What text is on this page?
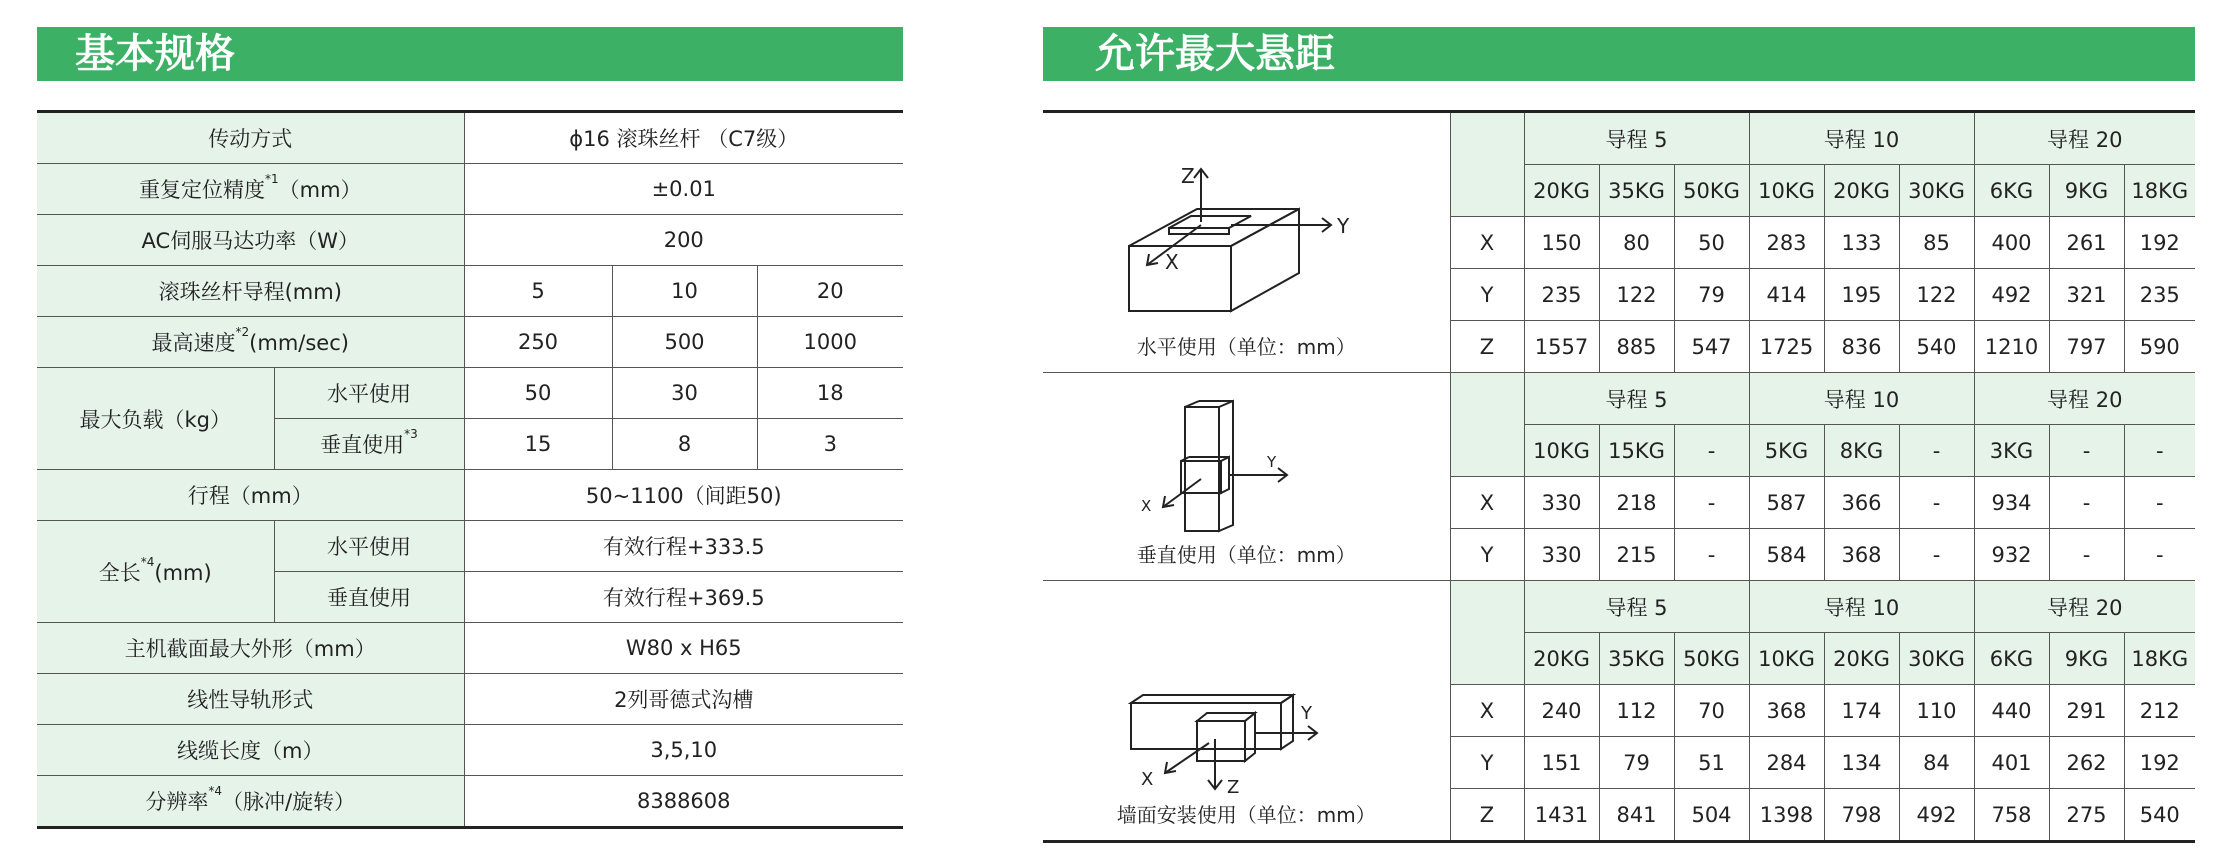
基本规格	允许最大悬距
传动方式		ϕ16 滚珠丝杆 （C7级）		
重复定位精度$^{*1}$（mm）		±0.01		
AC伺服马达功率（W）		200		
滚珠丝杆导程(mm)		5	10	20
最高速度$^{*2}$(mm/sec)		250	500	1000
最大负载（kg）	水平使用	50	30	18
	垂直使用$^{*3}$	15	8	3
行程（mm）		50~1100（间距50)		
全长$^{*4}$(mm)	水平使用	有效行程+333.5		
	垂直使用	有效行程+369.5		
主机截面最大外形（mm）		W80 x H65		
线性导轨形式		2列哥德式沟槽		
线缆长度（m）		3,5,10		
分辨率$^{*4}$（脉冲/旋转）		8388608		
Z
Y
X
水平使用（单位：mm）		导程 5			导程 10			导程 20		
		20KG	35KG	50KG	10KG	20KG	30KG	6KG	9KG	18KG
	X	150	80	50	283	133	85	400	261	192
	Y	235	122	79	414	195	122	492	321	235
	Z	1557	885	547	1725	836	540	1210	797	590

Y
X
垂直使用（单位：mm）		导程 5			导程 10			导程 20		
		10KG	15KG	-	5KG	8KG	-	3KG	-	-
	X	330	218	-	587	366	-	934	-	-
	Y	330	215	-	584	368	-	932	-	-

Y
Z
X
墙面安装使用（单位：mm）		导程 5			导程 10			导程 20		
		20KG	35KG	50KG	10KG	20KG	30KG	6KG	9KG	18KG
	X	240	112	70	368	174	110	440	291	212
	Y	151	79	51	284	134	84	401	262	192
	Z	1431	841	504	1398	798	492	758	275	540
